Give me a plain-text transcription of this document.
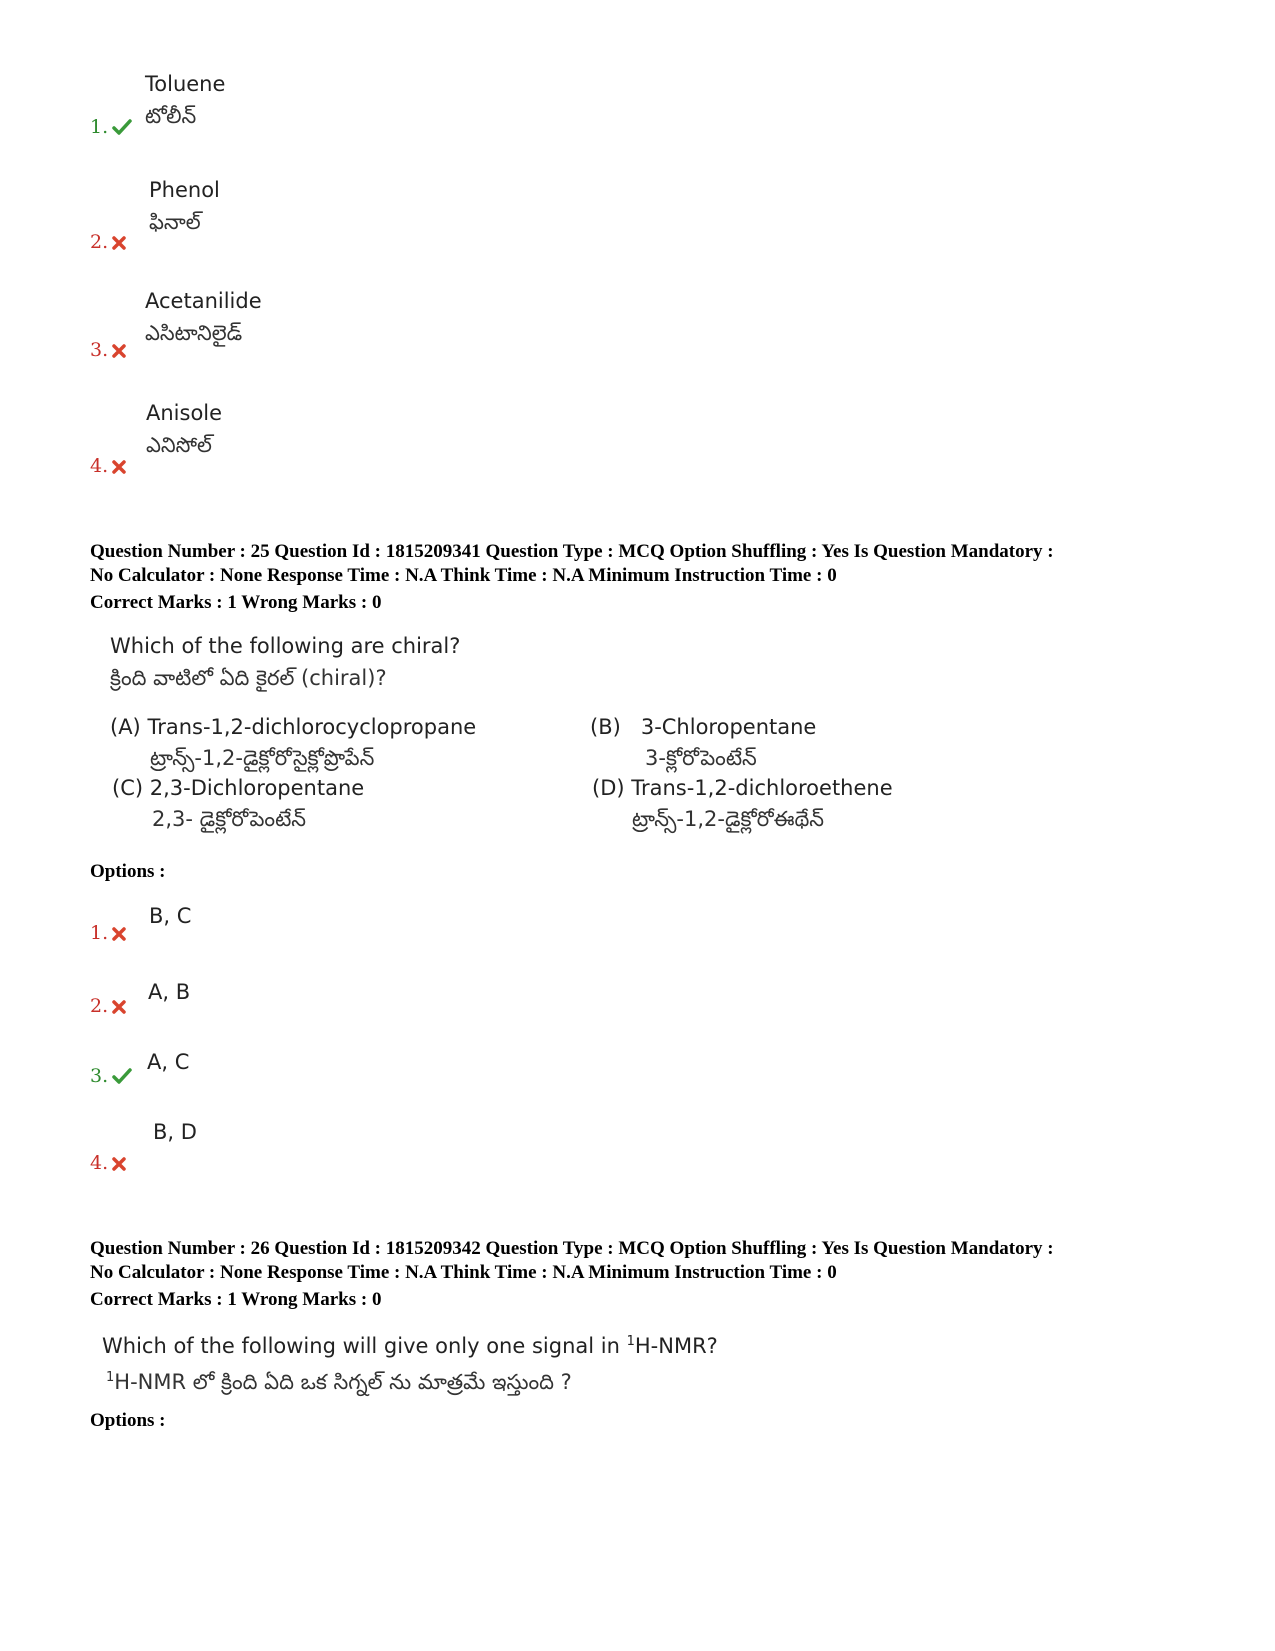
1.
Toluene
టోలీన్
2.
Phenol
ఫినాల్
3.
Acetanilide
ఎసిటానిలైడ్
4.
Anisole
ఎనిసోల్
Question Number : 25 Question Id : 1815209341 Question Type : MCQ Option Shuffling : Yes Is Question Mandatory :
No Calculator : None Response Time : N.A Think Time : N.A Minimum Instruction Time : 0
Correct Marks : 1 Wrong Marks : 0
Which of the following are chiral?
క్రింది వాటిలో ఏది కైరల్ (chiral)?
(A) Trans-1,2-dichlorocyclopropane
ట్రాన్స్-1,2-డైక్లోరోసైక్లోప్రొపేన్
(B) 3-Chloropentane
3-క్లోరోపెంటేన్
(C) 2,3-Dichloropentane
2,3- డైక్లోరోపెంటేన్
(D) Trans-1,2-dichloroethene
ట్రాన్స్-1,2-డైక్లోరోఈథేన్
Options :
1.
B, C
2.
A, B
3.
A, C
4.
B, D
Question Number : 26 Question Id : 1815209342 Question Type : MCQ Option Shuffling : Yes Is Question Mandatory :
No Calculator : None Response Time : N.A Think Time : N.A Minimum Instruction Time : 0
Correct Marks : 1 Wrong Marks : 0
Which of the following will give only one signal in $^1$H-NMR?
$^1$H-NMR లో క్రింది ఏది ఒక సిగ్నల్ ను మాత్రమే ఇస్తుంది ?
Options :
